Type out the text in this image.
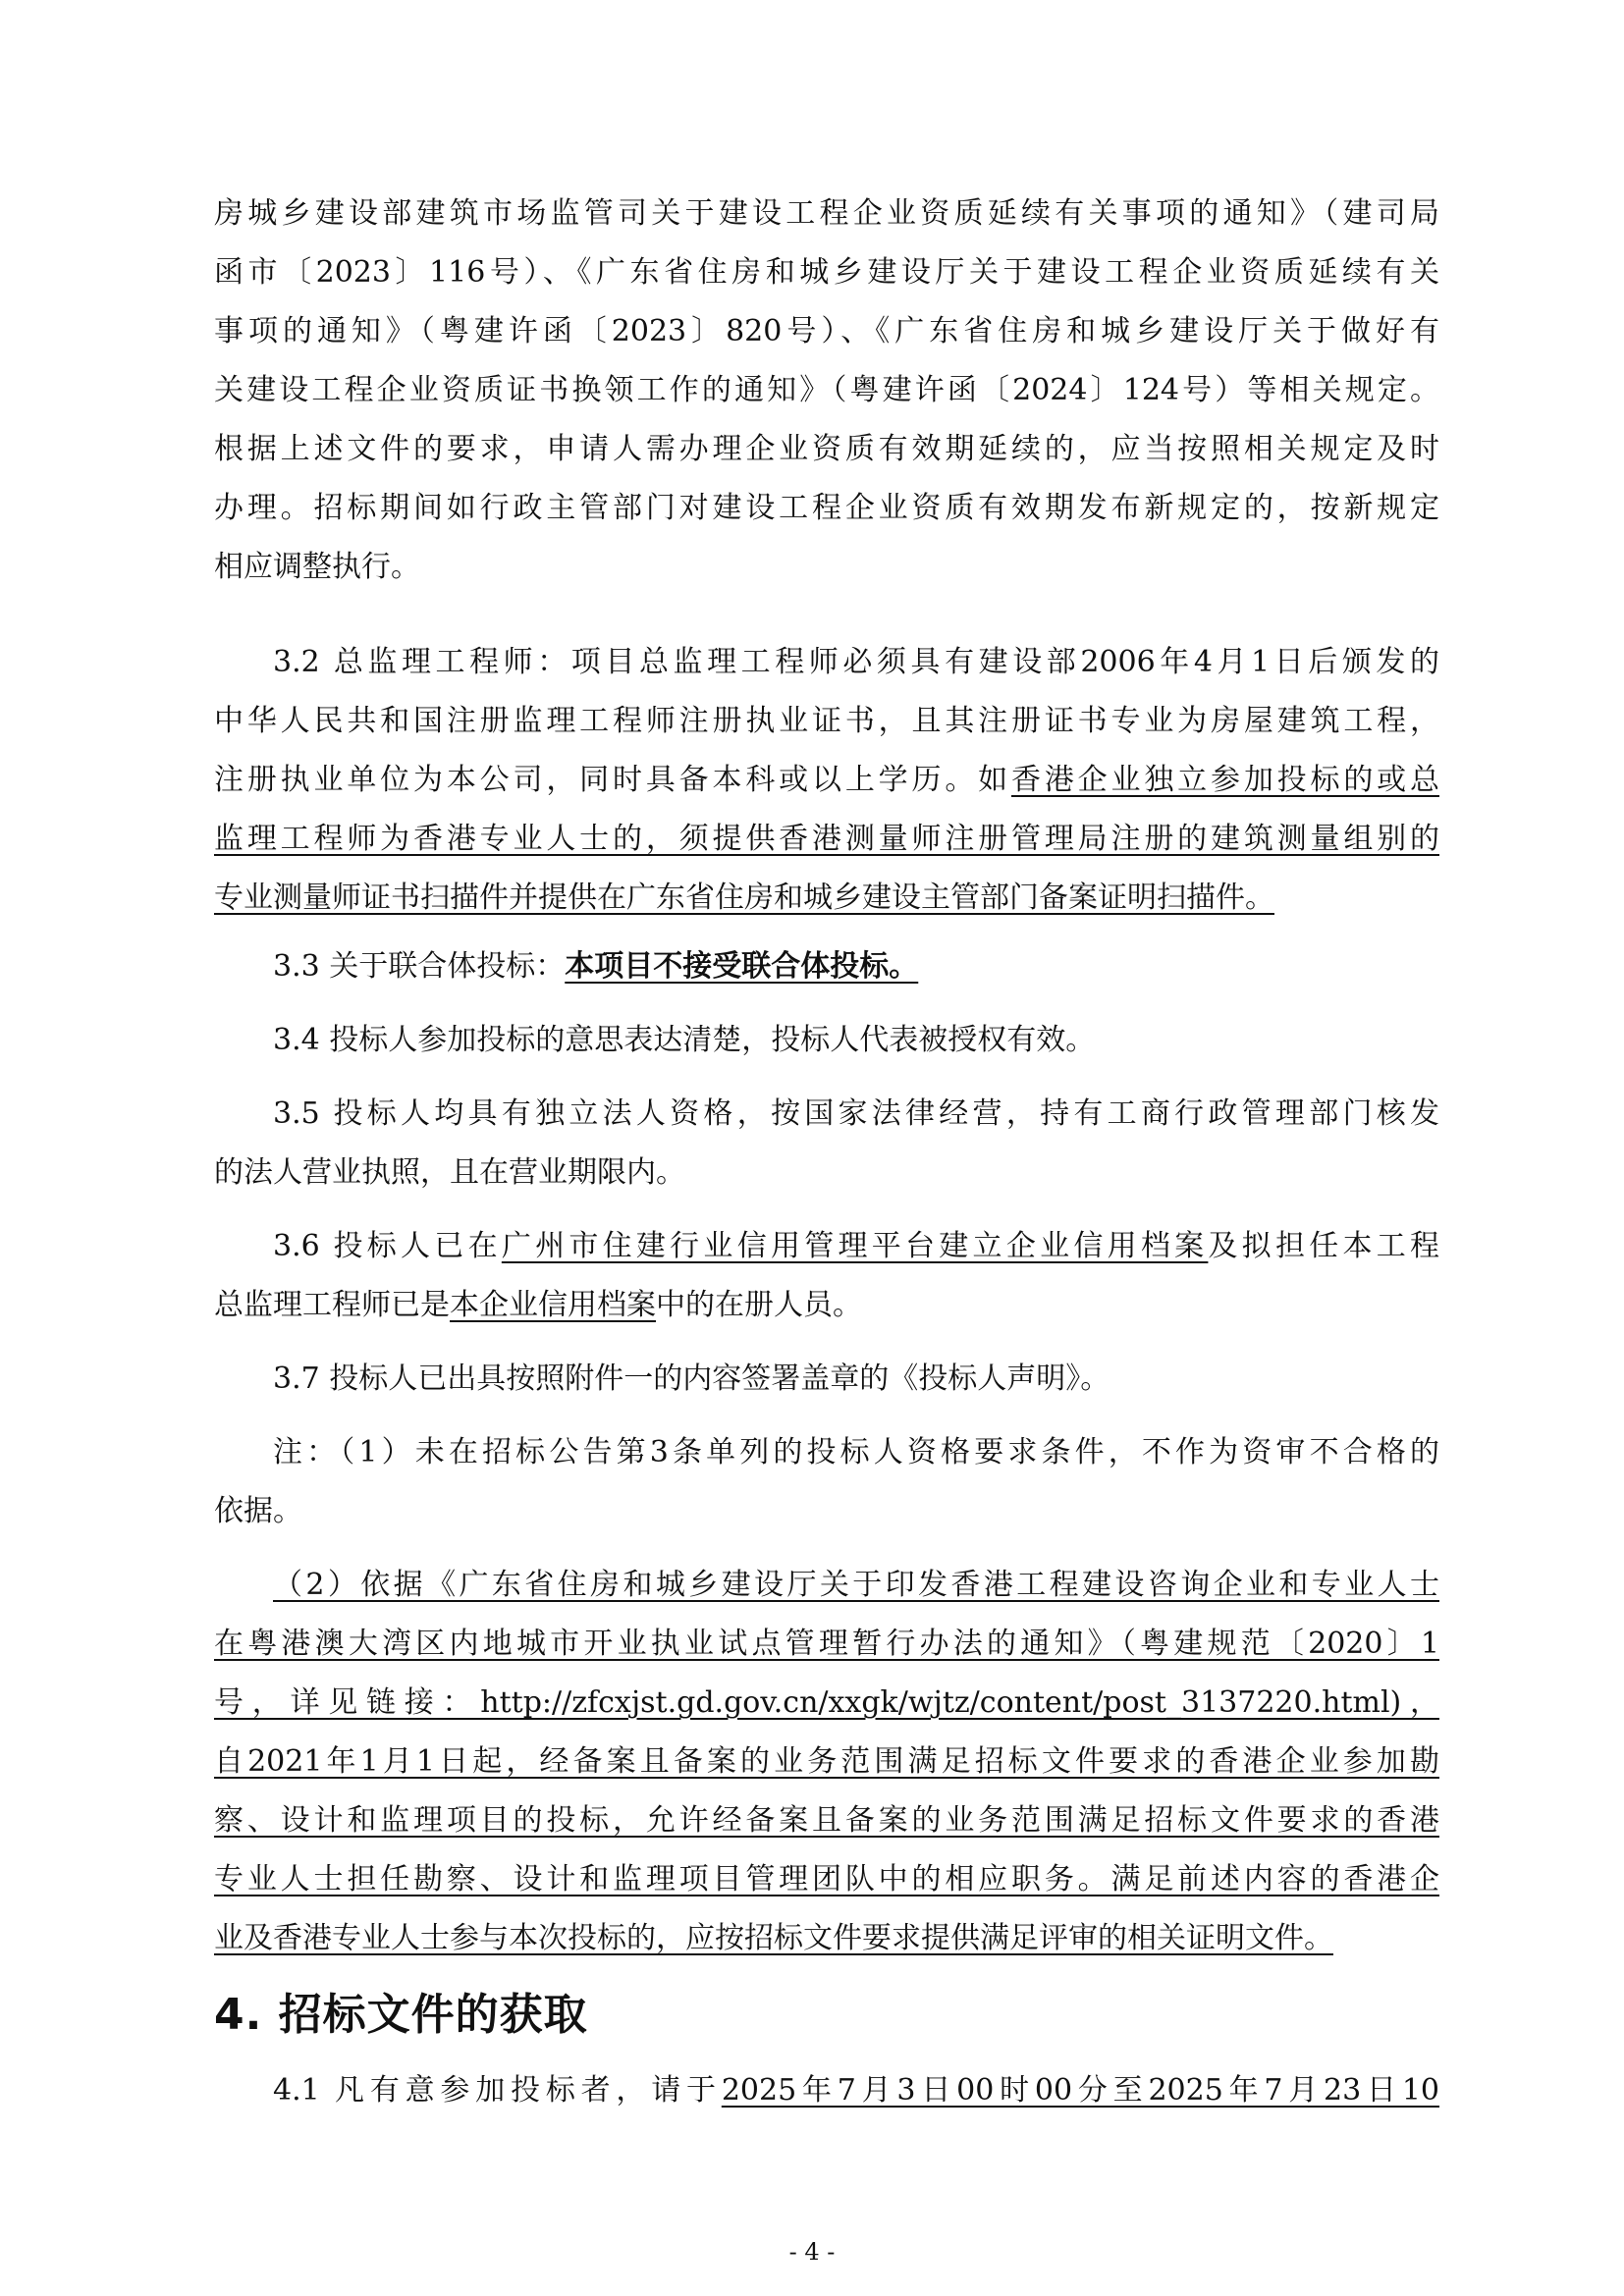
房城乡建设部建筑市场监管司关于建设工程企业资质延续有关事项的通知》（建司局
函市〔2023〕116号）、《广东省住房和城乡建设厅关于建设工程企业资质延续有关
事项的通知》（粤建许函〔2023〕820号）、《广东省住房和城乡建设厅关于做好有
关建设工程企业资质证书换领工作的通知》（粤建许函〔2024〕124号）等相关规定。
根据上述文件的要求，申请人需办理企业资质有效期延续的，应当按照相关规定及时
办理。招标期间如行政主管部门对建设工程企业资质有效期发布新规定的，按新规定
相应调整执行。
3.2 总监理工程师：项目总监理工程师必须具有建设部2006年4月1日后颁发的
中华人民共和国注册监理工程师注册执业证书，且其注册证书专业为房屋建筑工程，
注册执业单位为本公司，同时具备本科或以上学历。如香港企业独立参加投标的或总
监理工程师为香港专业人士的，须提供香港测量师注册管理局注册的建筑测量组别的
专业测量师证书扫描件并提供在广东省住房和城乡建设主管部门备案证明扫描件。
3.3 关于联合体投标：本项目不接受联合体投标。
3.4 投标人参加投标的意思表达清楚，投标人代表被授权有效。
3.5 投标人均具有独立法人资格，按国家法律经营，持有工商行政管理部门核发
的法人营业执照，且在营业期限内。
3.6 投标人已在广州市住建行业信用管理平台建立企业信用档案及拟担任本工程
总监理工程师已是本企业信用档案中的在册人员。
3.7 投标人已出具按照附件一的内容签署盖章的《投标人声明》。
注：（1）未在招标公告第3条单列的投标人资格要求条件，不作为资审不合格的
依据。
（2）依据《广东省住房和城乡建设厅关于印发香港工程建设咨询企业和专业人士
在粤港澳大湾区内地城市开业执业试点管理暂行办法的通知》（粤建规范〔2020〕1
号，详见链接：http://zfcxjst.gd.gov.cn/xxgk/wjtz/content/post_3137220.html)，
自2021年1月1日起，经备案且备案的业务范围满足招标文件要求的香港企业参加勘
察、设计和监理项目的投标，允许经备案且备案的业务范围满足招标文件要求的香港
专业人士担任勘察、设计和监理项目管理团队中的相应职务。满足前述内容的香港企
业及香港专业人士参与本次投标的，应按招标文件要求提供满足评审的相关证明文件。
4. 招标文件的获取
4.1 凡有意参加投标者，请于2025年7月3日00时00分至2025年7月23日10
- 4 -
